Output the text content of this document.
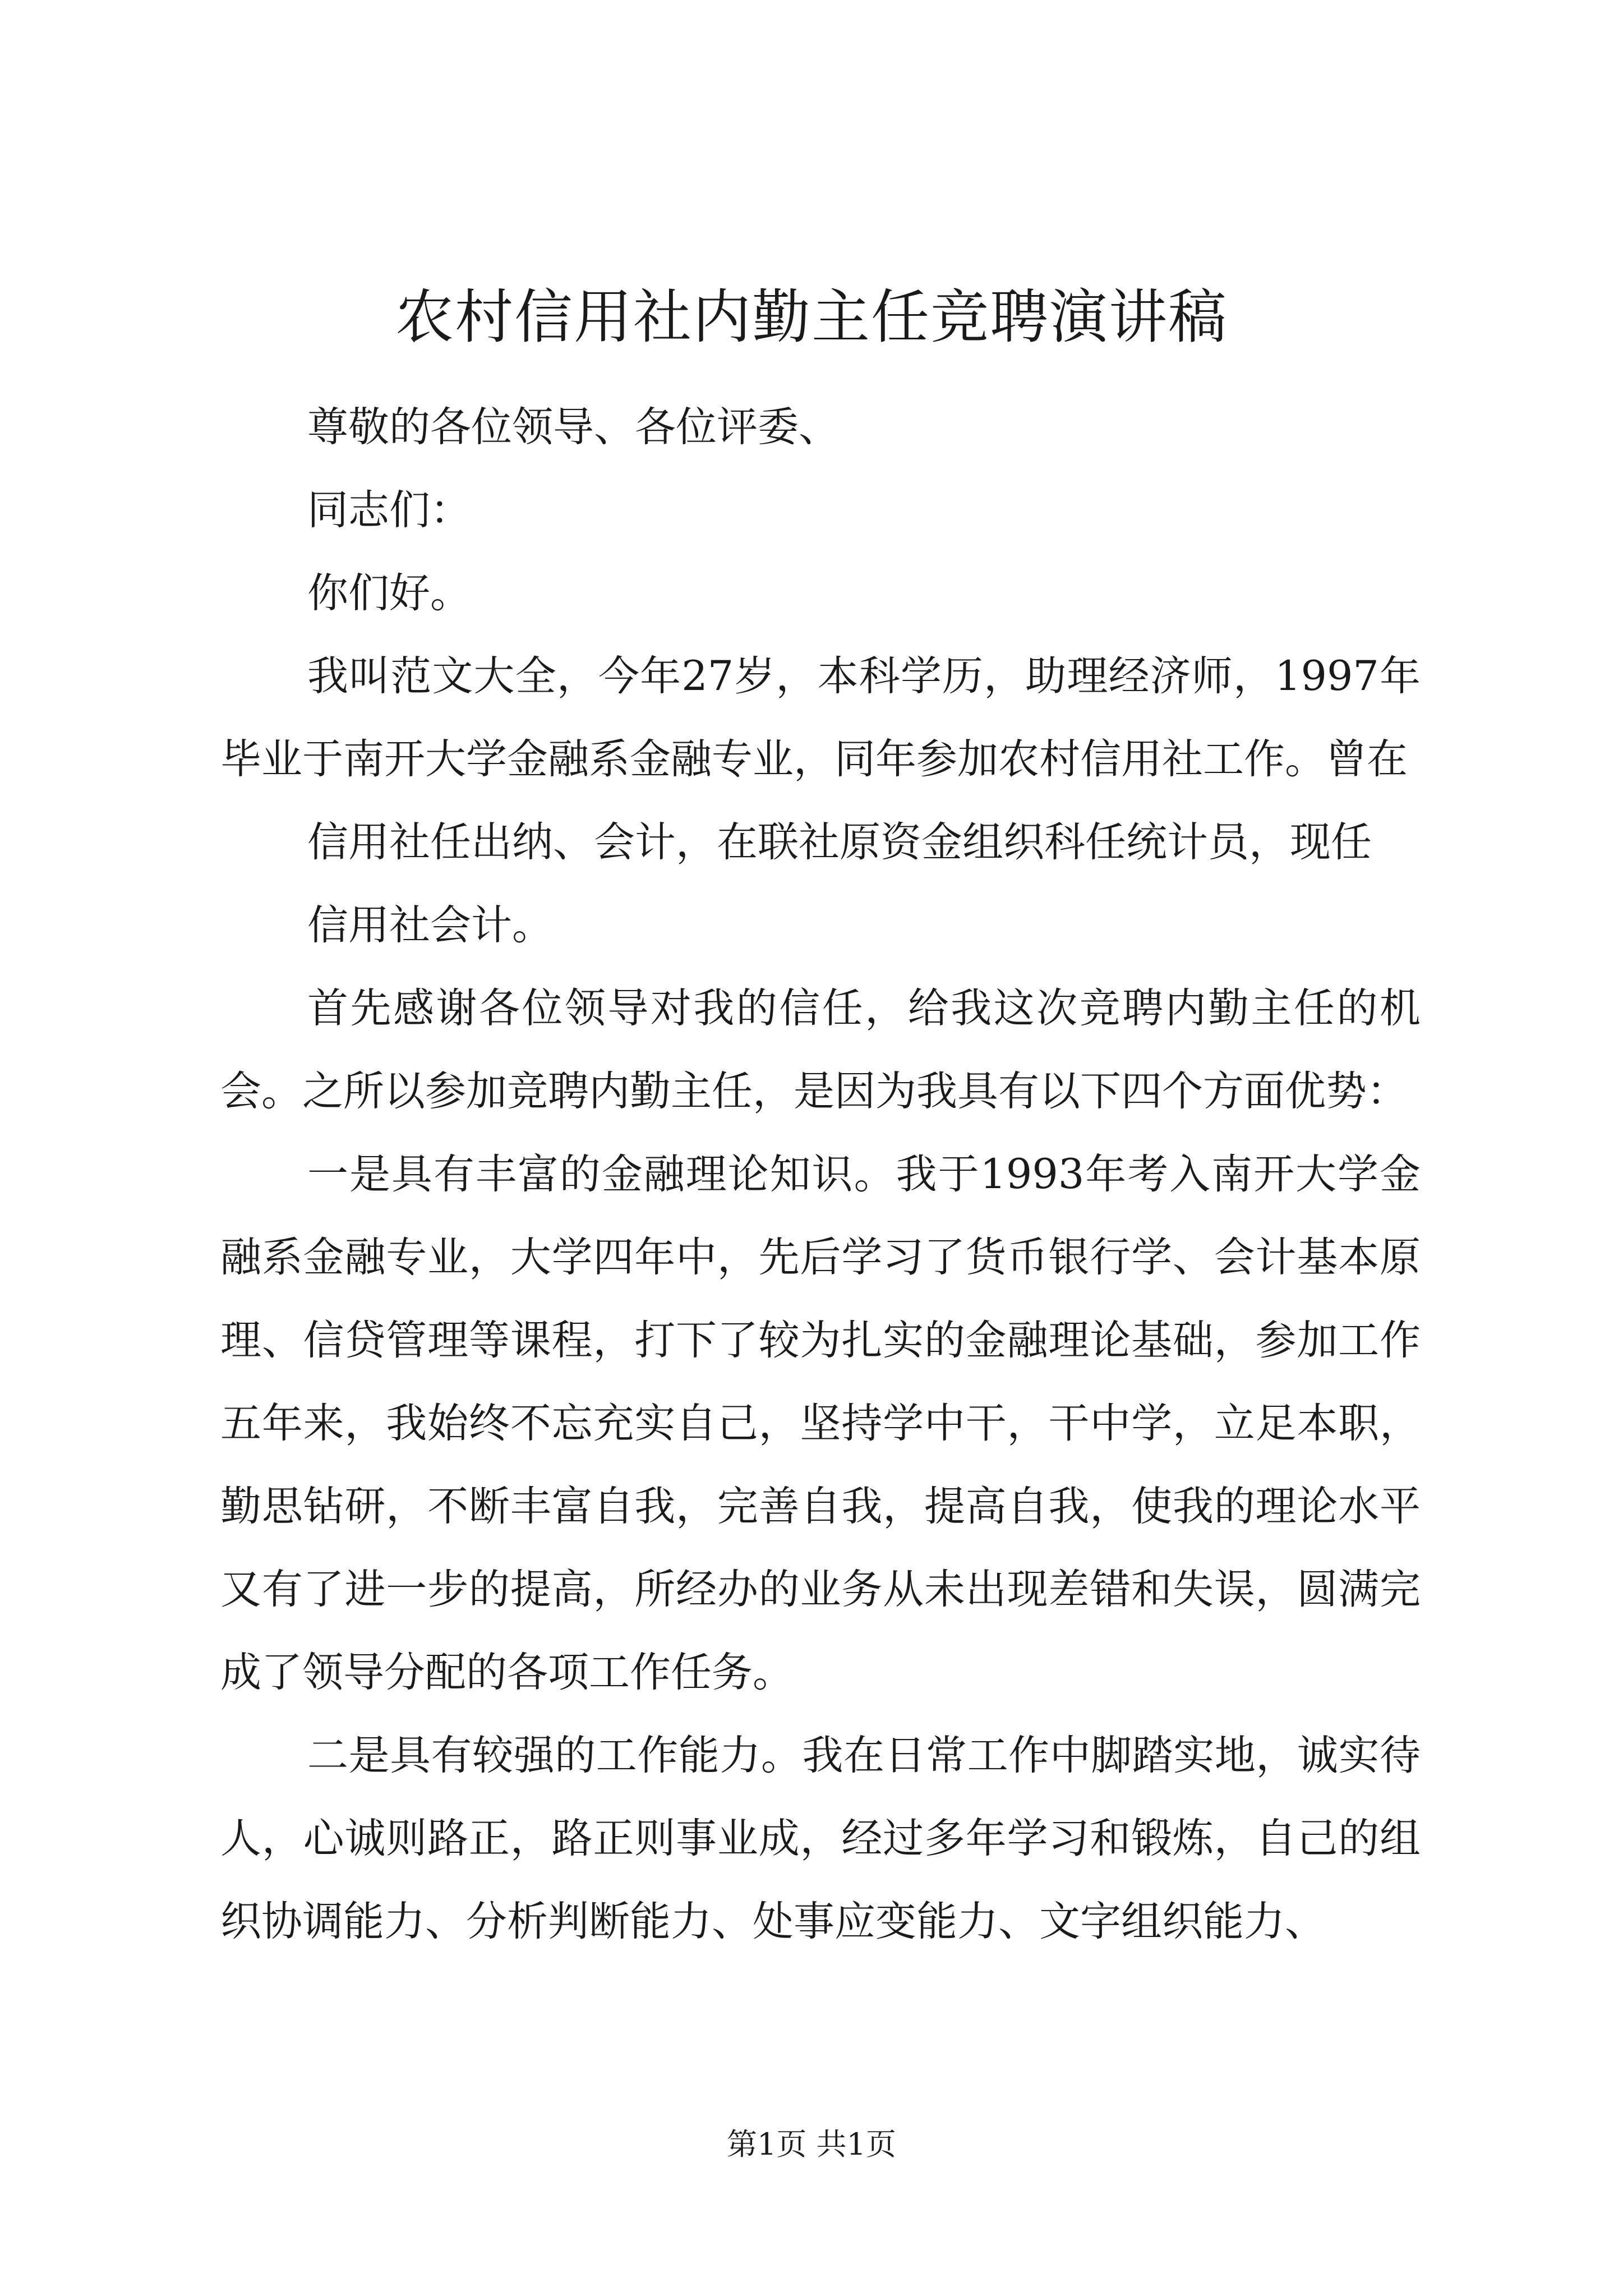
农村信用社内勤主任竞聘演讲稿

尊敬的各位领导、各位评委、

同志们：

你们好。

我叫范文大全，今年27岁，本科学历，助理经济师，1997年毕业于南开大学金融系金融专业，同年参加农村信用社工作。曾在

信用社任出纳、会计，在联社原资金组织科任统计员，现任

信用社会计。

首先感谢各位领导对我的信任，给我这次竞聘内勤主任的机会。之所以参加竞聘内勤主任，是因为我具有以下四个方面优势：

一是具有丰富的金融理论知识。我于1993年考入南开大学金融系金融专业，大学四年中，先后学习了货币银行学、会计基本原理、信贷管理等课程，打下了较为扎实的金融理论基础，参加工作五年来，我始终不忘充实自己，坚持学中干，干中学，立足本职，勤思钻研，不断丰富自我，完善自我，提高自我，使我的理论水平又有了进一步的提高，所经办的业务从未出现差错和失误，圆满完成了领导分配的各项工作任务。

二是具有较强的工作能力。我在日常工作中脚踏实地，诚实待人，心诚则路正，路正则事业成，经过多年学习和锻炼，自己的组织协调能力、分析判断能力、处事应变能力、文字组织能力、

第1页 共1页
